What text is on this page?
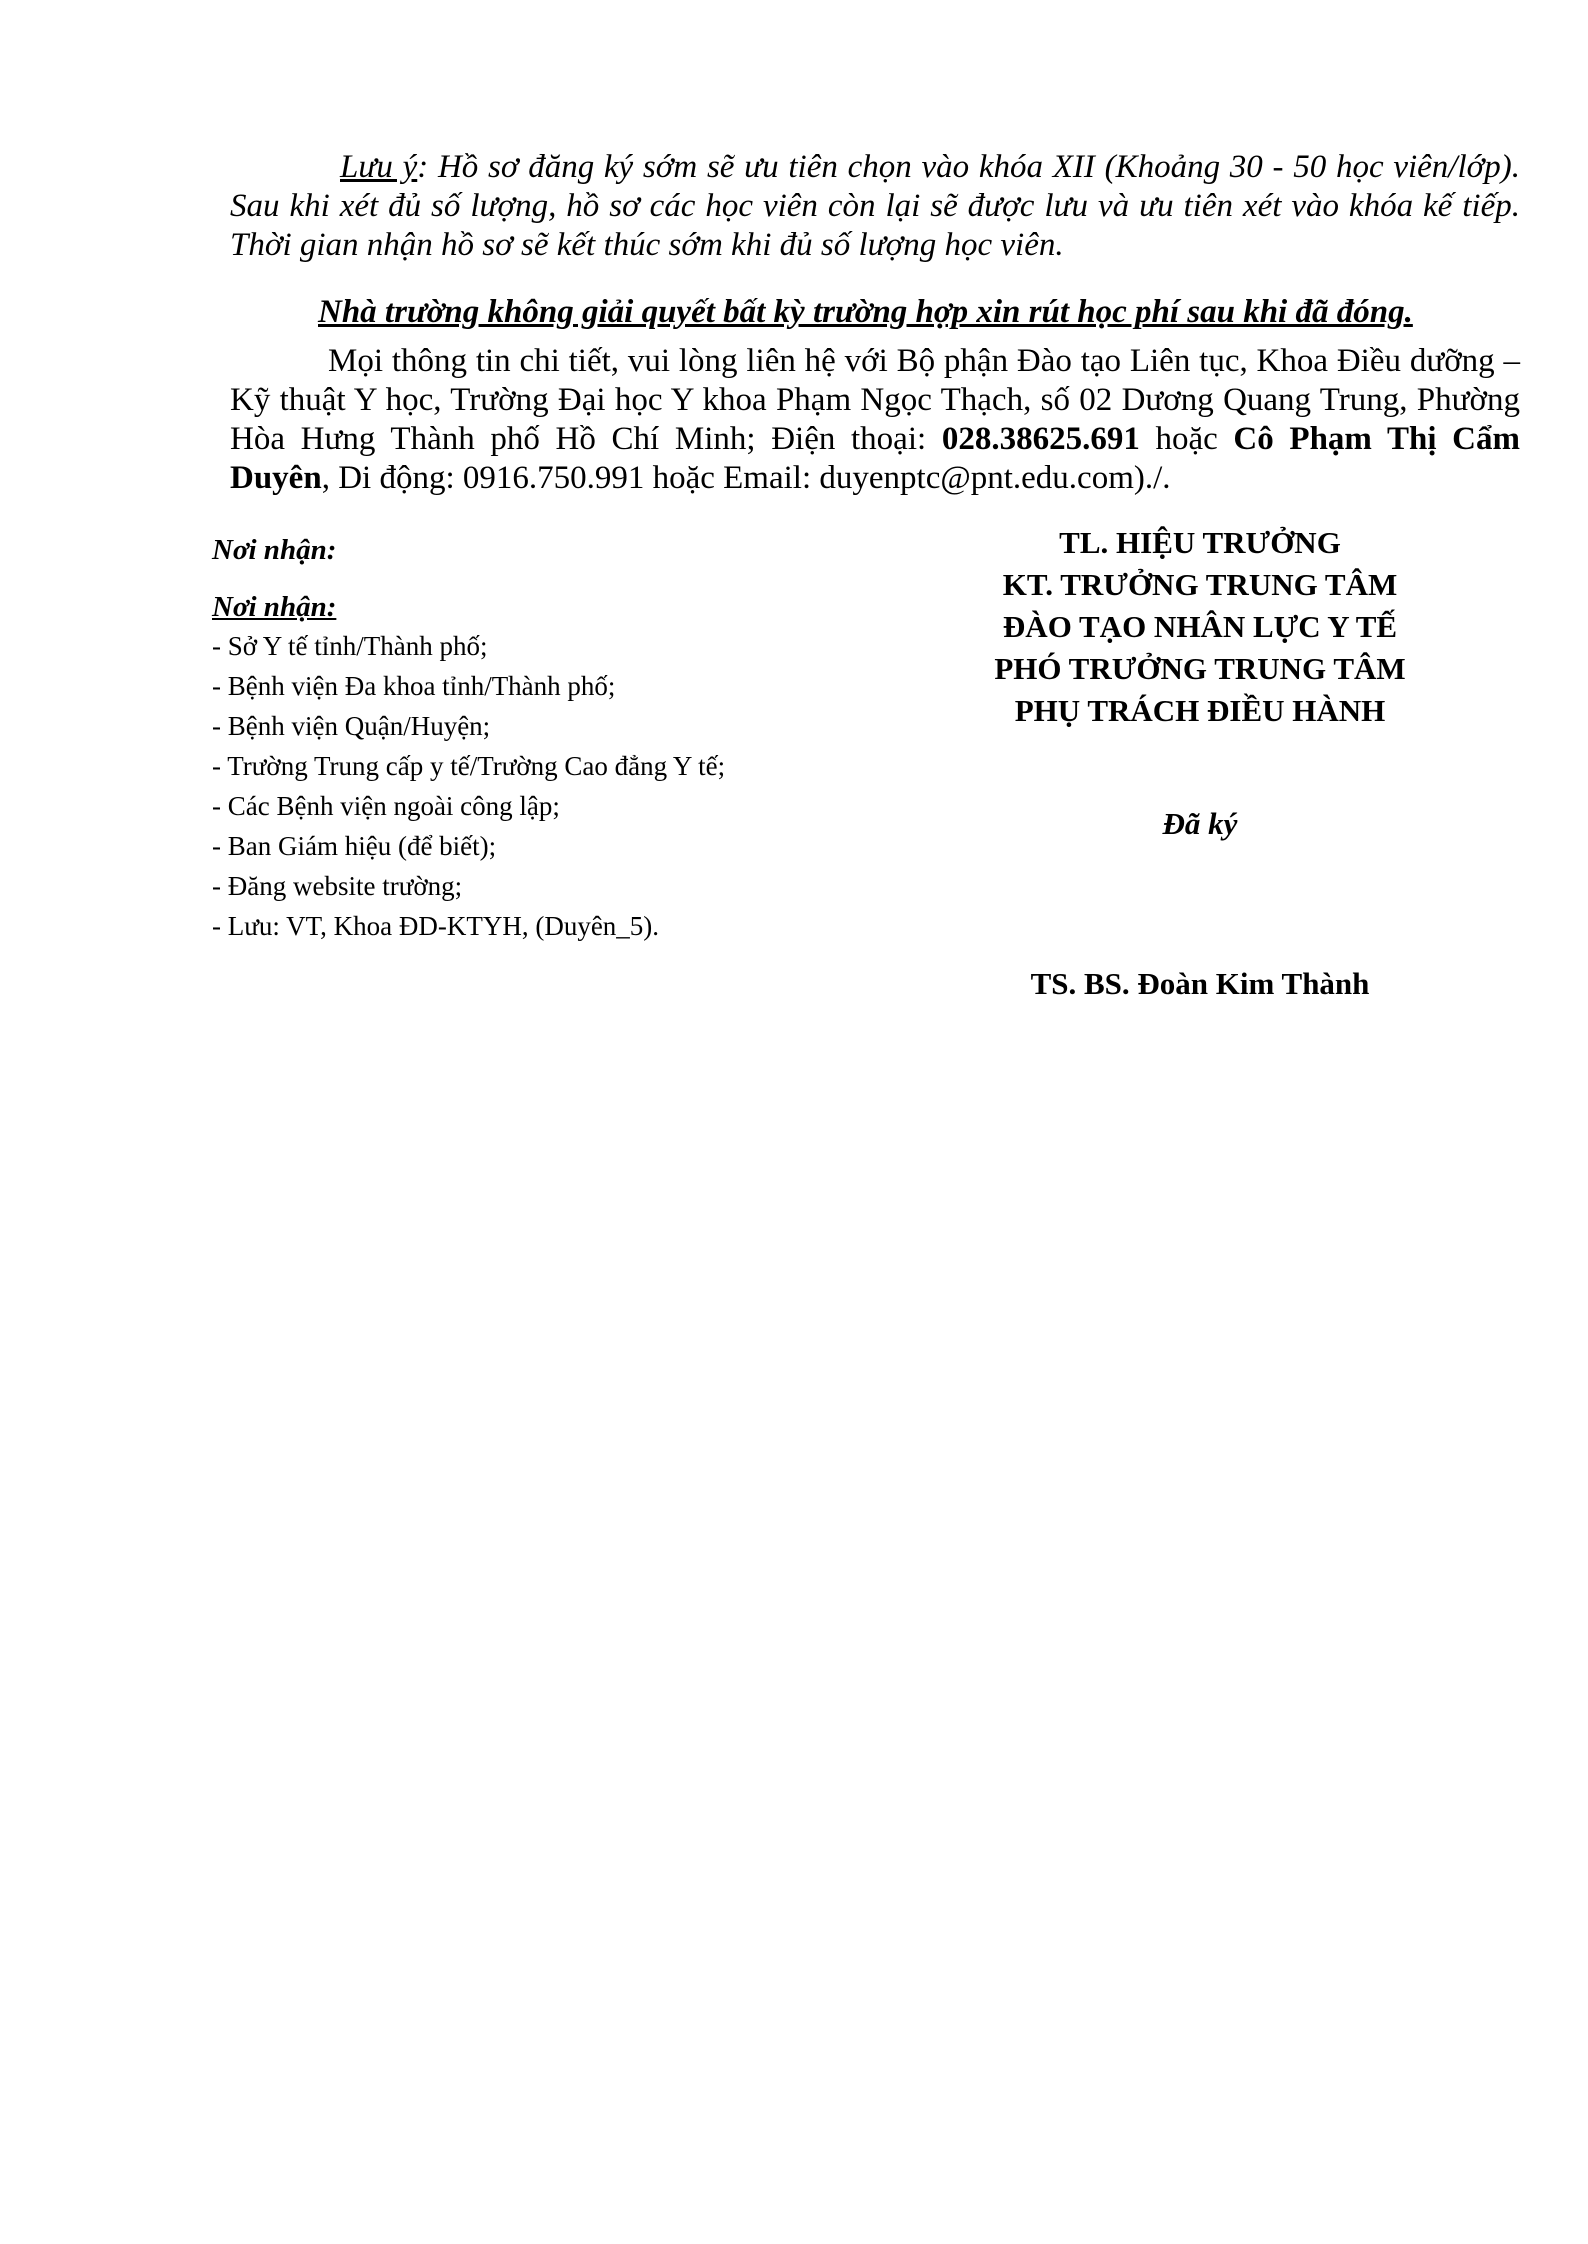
Lưu ý: Hồ sơ đăng ký sớm sẽ ưu tiên chọn vào khóa XII (Khoảng 30 - 50 học viên/lớp). Sau khi xét đủ số lượng, hồ sơ các học viên còn lại sẽ được lưu và ưu tiên xét vào khóa kế tiếp. Thời gian nhận hồ sơ sẽ kết thúc sớm khi đủ số lượng học viên.
Nhà trường không giải quyết bất kỳ trường hợp xin rút học phí sau khi đã đóng.
Mọi thông tin chi tiết, vui lòng liên hệ với Bộ phận Đào tạo Liên tục, Khoa Điều dưỡng – Kỹ thuật Y học, Trường Đại học Y khoa Phạm Ngọc Thạch, số 02 Dương Quang Trung, Phường Hòa Hưng Thành phố Hồ Chí Minh; Điện thoại: 028.38625.691 hoặc Cô Phạm Thị Cẩm Duyên, Di động: 0916.750.991 hoặc Email: duyenptc@pnt.edu.com)./.
Nơi nhận:
Nơi nhận:
- Sở Y tế tỉnh/Thành phố;
- Bệnh viện Đa khoa tỉnh/Thành phố;
- Bệnh viện Quận/Huyện;
- Trường Trung cấp y tế/Trường Cao đẳng Y tế;
- Các Bệnh viện ngoài công lập;
- Ban Giám hiệu (để biết);
- Đăng website trường;
- Lưu: VT, Khoa ĐD-KTYH, (Duyên_5).
TL. HIỆU TRƯỞNG
KT. TRƯỞNG TRUNG TÂM
ĐÀO TẠO NHÂN LỰC Y TẾ
PHÓ TRƯỞNG TRUNG TÂM
PHỤ TRÁCH ĐIỀU HÀNH
Đã ký
TS. BS. Đoàn Kim Thành
